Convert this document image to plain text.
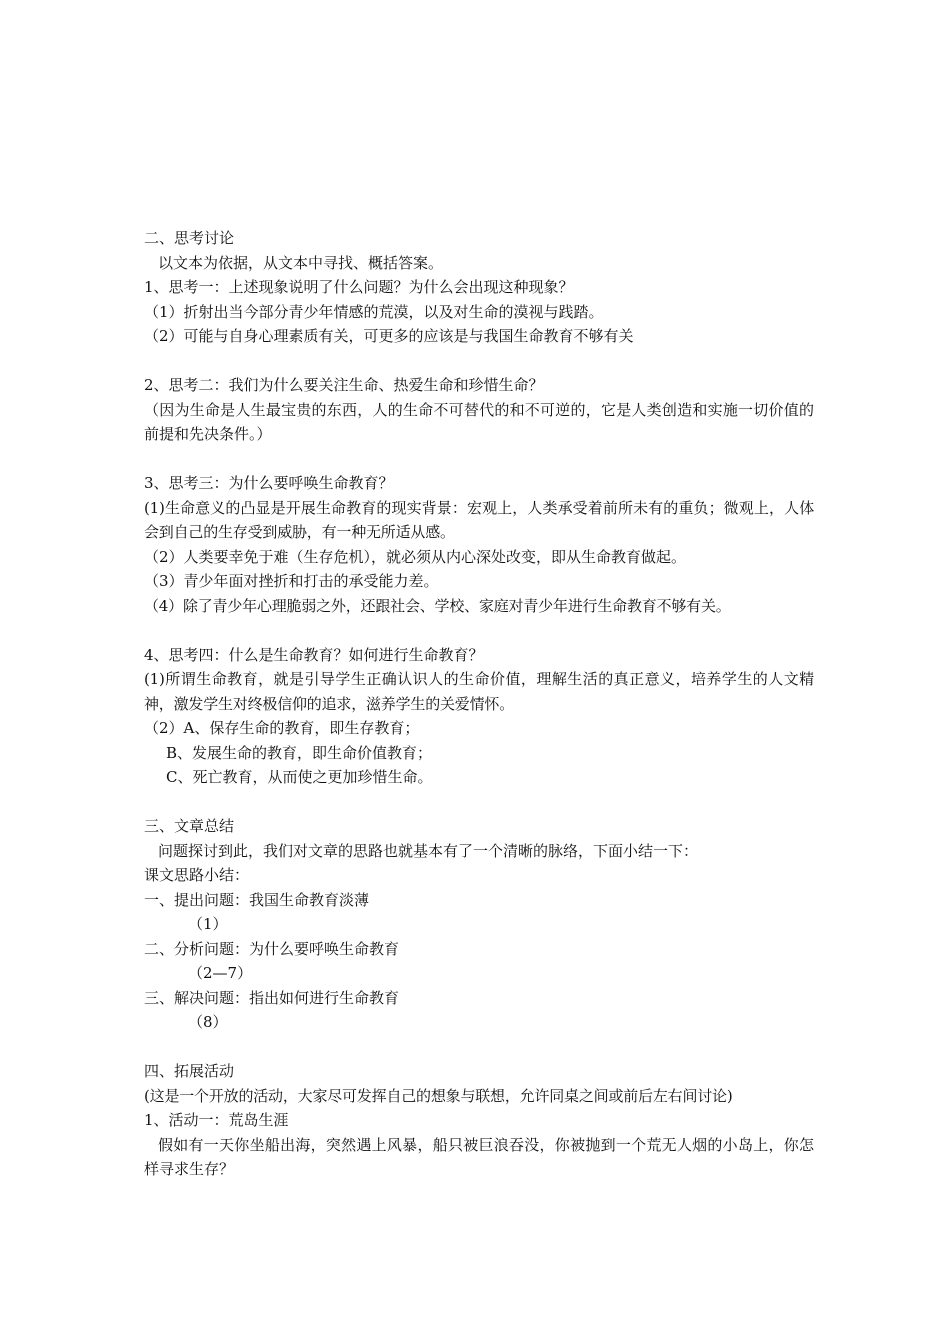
二、思考讨论
以文本为依据，从文本中寻找、概括答案。
1、思考一：上述现象说明了什么问题？为什么会出现这种现象？
（1）折射出当今部分青少年情感的荒漠，以及对生命的漠视与践踏。
（2）可能与自身心理素质有关，可更多的应该是与我国生命教育不够有关
2、思考二：我们为什么要关注生命、热爱生命和珍惜生命？
（因为生命是人生最宝贵的东西，人的生命不可替代的和不可逆的，它是人类创造和实施一切价值的前提和先决条件。）
3、思考三：为什么要呼唤生命教育？
(1)生命意义的凸显是开展生命教育的现实背景：宏观上，人类承受着前所未有的重负；微观上，人体会到自己的生存受到威胁，有一种无所适从感。
（2）人类要幸免于难（生存危机），就必须从内心深处改变，即从生命教育做起。
（3）青少年面对挫折和打击的承受能力差。
（4）除了青少年心理脆弱之外，还跟社会、学校、家庭对青少年进行生命教育不够有关。
4、思考四：什么是生命教育？如何进行生命教育？
(1)所谓生命教育，就是引导学生正确认识人的生命价值，理解生活的真正意义，培养学生的人文精神，激发学生对终极信仰的追求，滋养学生的关爱情怀。
（2）A、保存生命的教育，即生存教育；
B、发展生命的教育，即生命价值教育；
C、死亡教育，从而使之更加珍惜生命。
三、文章总结
问题探讨到此，我们对文章的思路也就基本有了一个清晰的脉络，下面小结一下：
课文思路小结：
一、提出问题：我国生命教育淡薄
（1）
二、分析问题：为什么要呼唤生命教育
（2—7）
三、解决问题：指出如何进行生命教育
（8）
四、拓展活动
(这是一个开放的活动，大家尽可发挥自己的想象与联想，允许同桌之间或前后左右间讨论)
1、活动一：荒岛生涯
假如有一天你坐船出海，突然遇上风暴，船只被巨浪吞没，你被抛到一个荒无人烟的小岛上，你怎样寻求生存？
